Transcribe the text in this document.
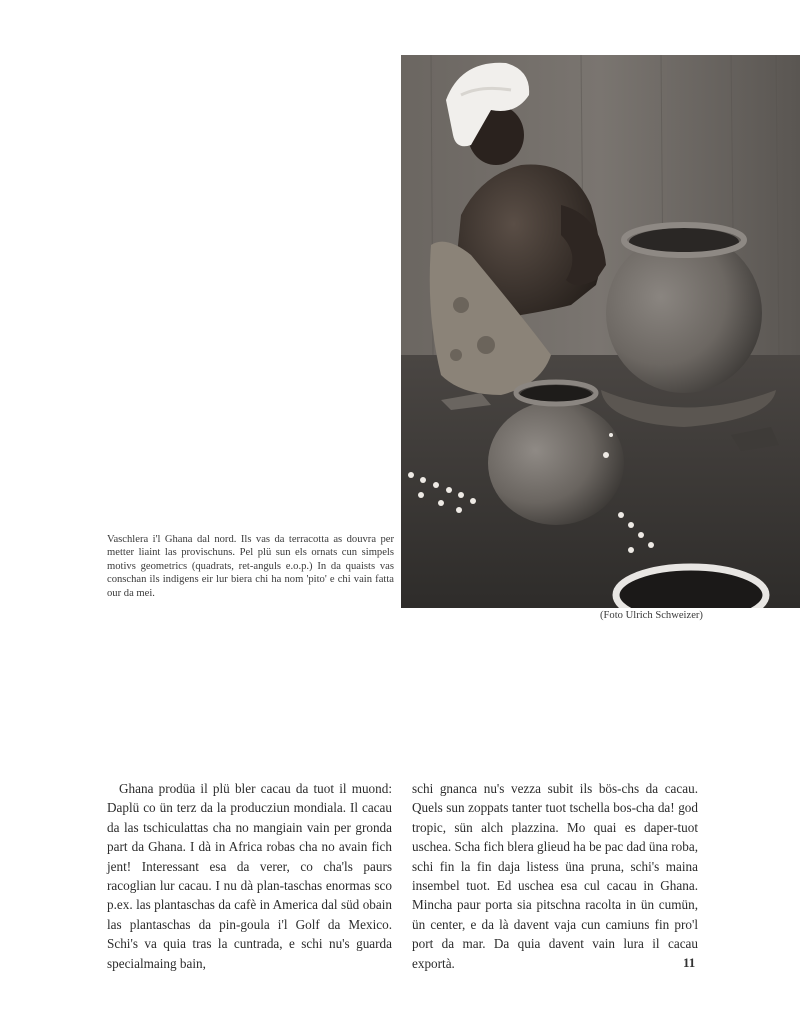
Vaschlera i'l Ghana dal nord. Ils vas da terracotta as douvra per metter liaint las provischuns. Pel plü sun els ornats cun simpels motivs geometrics (quadrats, ret-anguls e.o.p.) In da quaists vas conschan ils indigens eir lur biera chi ha nom 'pito' e chi vain fatta our da mei.
(Foto Ulrich Schweizer)

Ghana prodüa il plü bler cacau da tuot il muond: Daplü co ün terz da la producziun mondiala. Il cacau da las tschiculattas cha no mangiain vain per gronda part da Ghana. I dà in Africa robas cha no avain fich jent! Interessant esa da verer, co cha'ls paurs racoglian lur cacau. I nu dà plan-taschas enormas sco p.ex. las plantaschas da cafè in America dal süd obain las plantaschas da pin-goula i'l Golf da Mexico. Schi's va quia tras la cuntrada, e schi nu's guarda specialmaing bain,

schi gnanca nu's vezza subit ils bös-chs da cacau. Quels sun zoppats tanter tuot tschella bos-cha da! god tropic, sün alch plazzina. Mo quai es daper-tuot uschea. Scha fich blera glieud ha be pac dad üna roba, schi fin la fin daja listess üna pruna, schi's maina insembel tuot. Ed uschea esa cul cacau in Ghana. Mincha paur porta sia pitschna racolta in ün cumün, ün center, e da là davent vaja cun camiuns fin pro'l port da mar. Da quia davent vain lura il cacau exportà.	11
